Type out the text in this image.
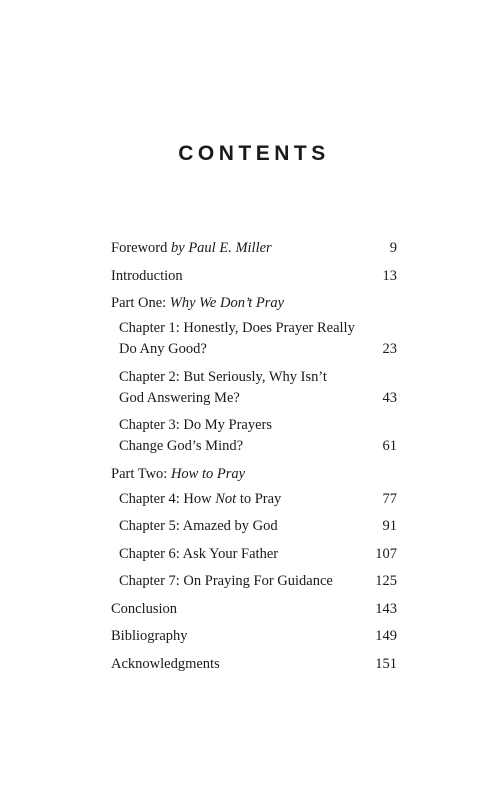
CONTENTS
Foreword by Paul E. Miller	9
Introduction	13
Part One: Why We Don’t Pray
Chapter 1: Honestly, Does Prayer Really
Do Any Good?	23
Chapter 2: But Seriously, Why Isn’t
God Answering Me?	43
Chapter 3: Do My Prayers
Change God’s Mind?	61
Part Two: How to Pray
Chapter 4: How Not to Pray	77
Chapter 5: Amazed by God	91
Chapter 6: Ask Your Father	107
Chapter 7: On Praying For Guidance	125
Conclusion	143
Bibliography	149
Acknowledgments	151
